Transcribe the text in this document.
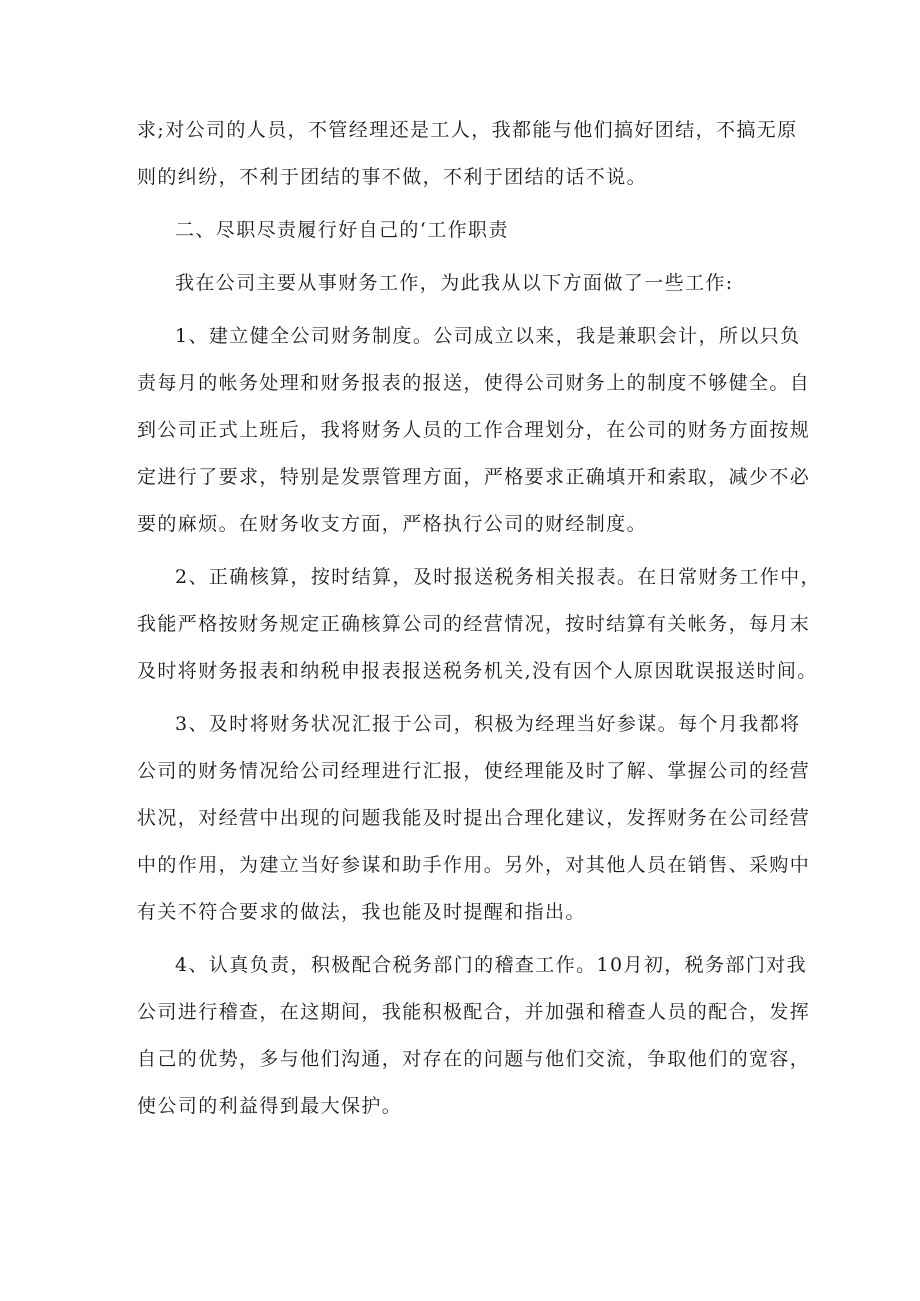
求;对公司的人员，不管经理还是工人，我都能与他们搞好团结，不搞无原
则的纠纷，不利于团结的事不做，不利于团结的话不说。

二、尽职尽责履行好自己的‘工作职责

我在公司主要从事财务工作，为此我从以下方面做了一些工作:

1、建立健全公司财务制度。公司成立以来，我是兼职会计，所以只负
责每月的帐务处理和财务报表的报送，使得公司财务上的制度不够健全。自
到公司正式上班后，我将财务人员的工作合理划分，在公司的财务方面按规
定进行了要求，特别是发票管理方面，严格要求正确填开和索取，减少不必
要的麻烦。在财务收支方面，严格执行公司的财经制度。

2、正确核算，按时结算，及时报送税务相关报表。在日常财务工作中，
我能严格按财务规定正确核算公司的经营情况，按时结算有关帐务，每月末
及时将财务报表和纳税申报表报送税务机关,没有因个人原因耽误报送时间。

3、及时将财务状况汇报于公司，积极为经理当好参谋。每个月我都将
公司的财务情况给公司经理进行汇报，使经理能及时了解、掌握公司的经营
状况，对经营中出现的问题我能及时提出合理化建议，发挥财务在公司经营
中的作用，为建立当好参谋和助手作用。另外，对其他人员在销售、采购中
有关不符合要求的做法，我也能及时提醒和指出。

4、认真负责，积极配合税务部门的稽查工作。10月初，税务部门对我
公司进行稽查，在这期间，我能积极配合，并加强和稽查人员的配合，发挥
自己的优势，多与他们沟通，对存在的问题与他们交流，争取他们的宽容，
使公司的利益得到最大保护。
